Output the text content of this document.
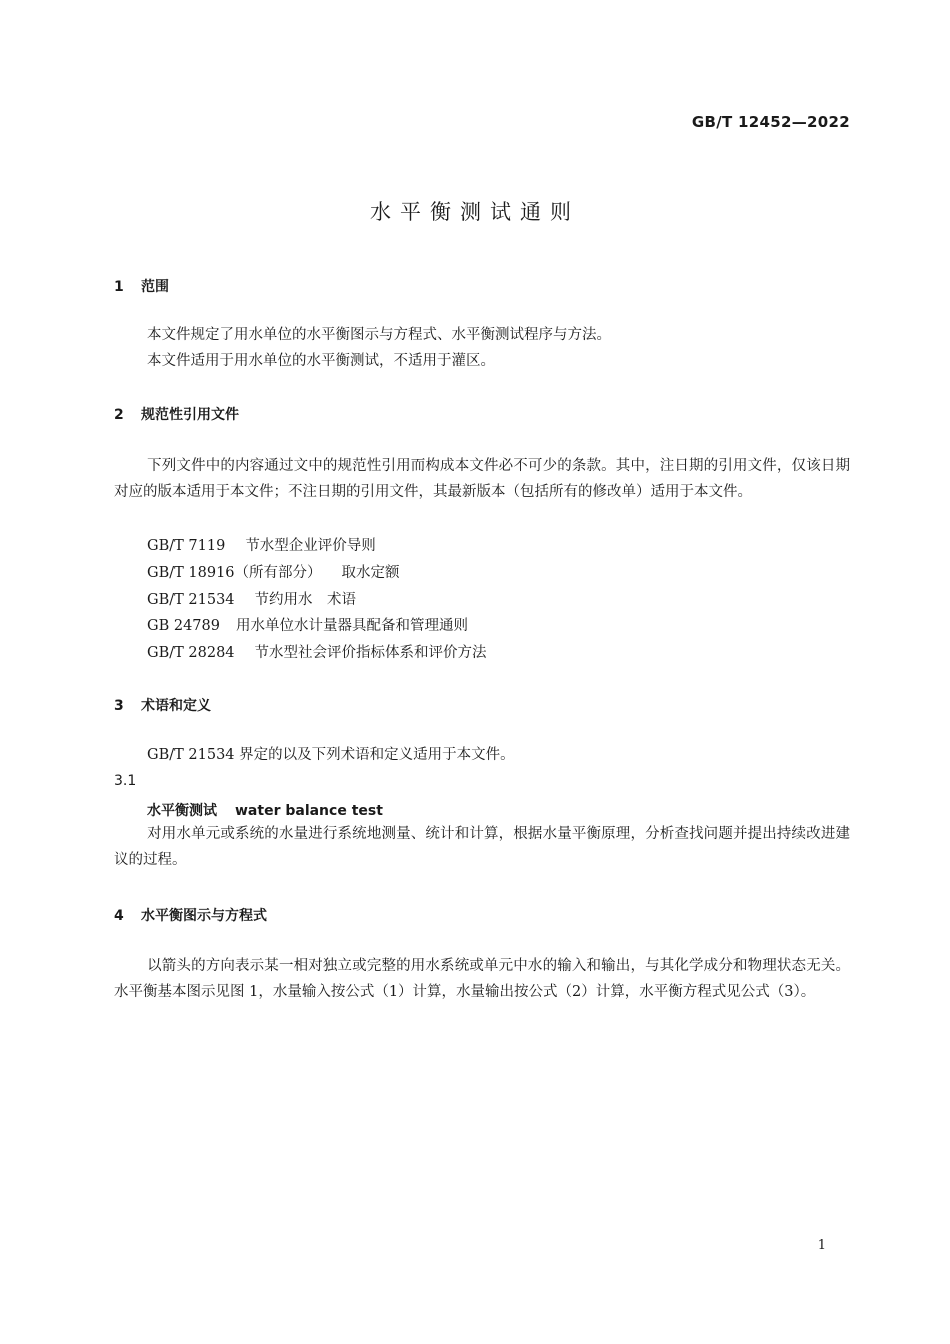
GB/T 12452—2022
水平衡测试通则
1 范围
本文件规定了用水单位的水平衡图示与方程式、水平衡测试程序与方法。
本文件适用于用水单位的水平衡测试，不适用于灌区。
2 规范性引用文件
下列文件中的内容通过文中的规范性引用而构成本文件必不可少的条款。其中，注日期的引用文件，仅该日期对应的版本适用于本文件；不注日期的引用文件，其最新版本（包括所有的修改单）适用于本文件。
GB/T 7119 节水型企业评价导则
GB/T 18916（所有部分） 取水定额
GB/T 21534 节约用水　术语
GB 24789 用水单位水计量器具配备和管理通则
GB/T 28284 节水型社会评价指标体系和评价方法
3 术语和定义
GB/T 21534 界定的以及下列术语和定义适用于本文件。
3.1
水平衡测试 water balance test
对用水单元或系统的水量进行系统地测量、统计和计算，根据水量平衡原理，分析查找问题并提出持续改进建议的过程。
4 水平衡图示与方程式
以箭头的方向表示某一相对独立或完整的用水系统或单元中水的输入和输出，与其化学成分和物理状态无关。水平衡基本图示见图 1，水量输入按公式（1）计算，水量输出按公式（2）计算，水平衡方程式见公式（3）。
1
